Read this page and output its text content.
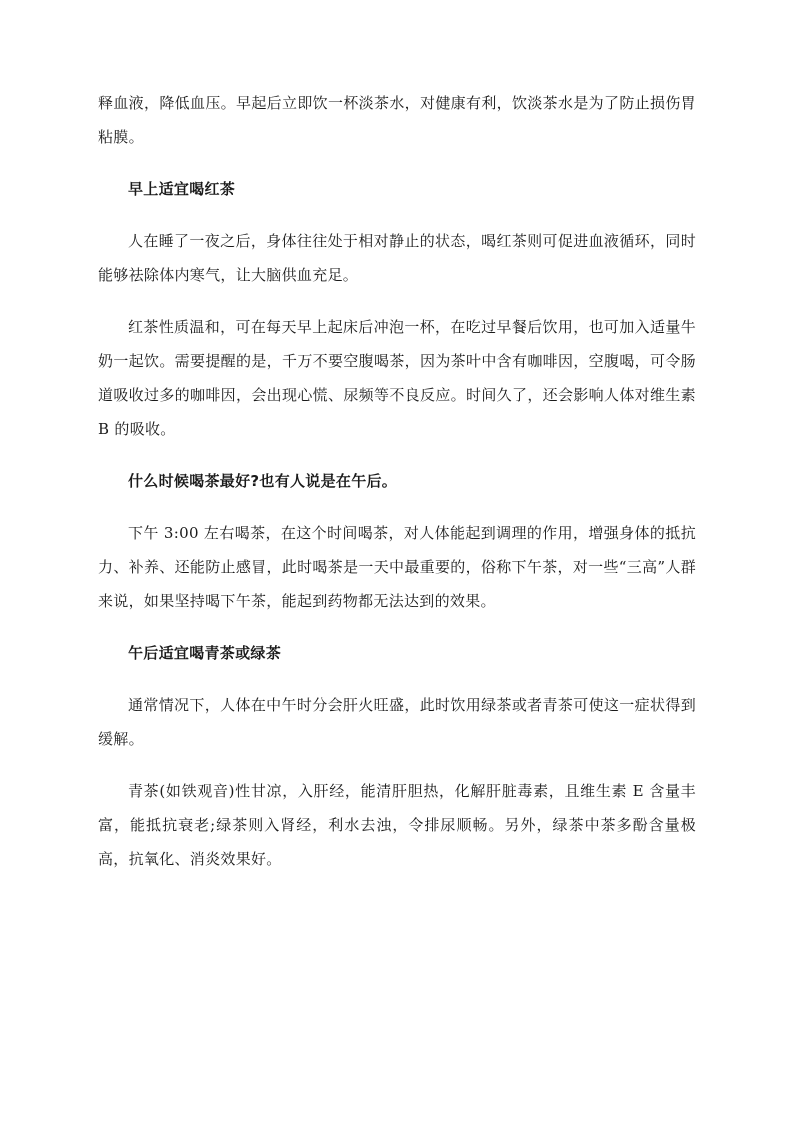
释血液，降低血压。早起后立即饮一杯淡茶水，对健康有利，饮淡茶水是为了防止损伤胃粘膜。

早上适宜喝红茶

人在睡了一夜之后，身体往往处于相对静止的状态，喝红茶则可促进血液循环，同时能够祛除体内寒气，让大脑供血充足。

红茶性质温和，可在每天早上起床后冲泡一杯，在吃过早餐后饮用，也可加入适量牛奶一起饮。需要提醒的是，千万不要空腹喝茶，因为茶叶中含有咖啡因，空腹喝，可令肠道吸收过多的咖啡因，会出现心慌、尿频等不良反应。时间久了，还会影响人体对维生素 B 的吸收。

什么时候喝茶最好?也有人说是在午后。

下午 3:00 左右喝茶，在这个时间喝茶，对人体能起到调理的作用，增强身体的抵抗力、补养、还能防止感冒，此时喝茶是一天中最重要的，俗称下午茶，对一些“三高”人群来说，如果坚持喝下午茶，能起到药物都无法达到的效果。

午后适宜喝青茶或绿茶

通常情况下，人体在中午时分会肝火旺盛，此时饮用绿茶或者青茶可使这一症状得到缓解。

青茶(如铁观音)性甘凉，入肝经，能清肝胆热，化解肝脏毒素，且维生素 E 含量丰富，能抵抗衰老;绿茶则入肾经，利水去浊，令排尿顺畅。另外，绿茶中茶多酚含量极高，抗氧化、消炎效果好。
